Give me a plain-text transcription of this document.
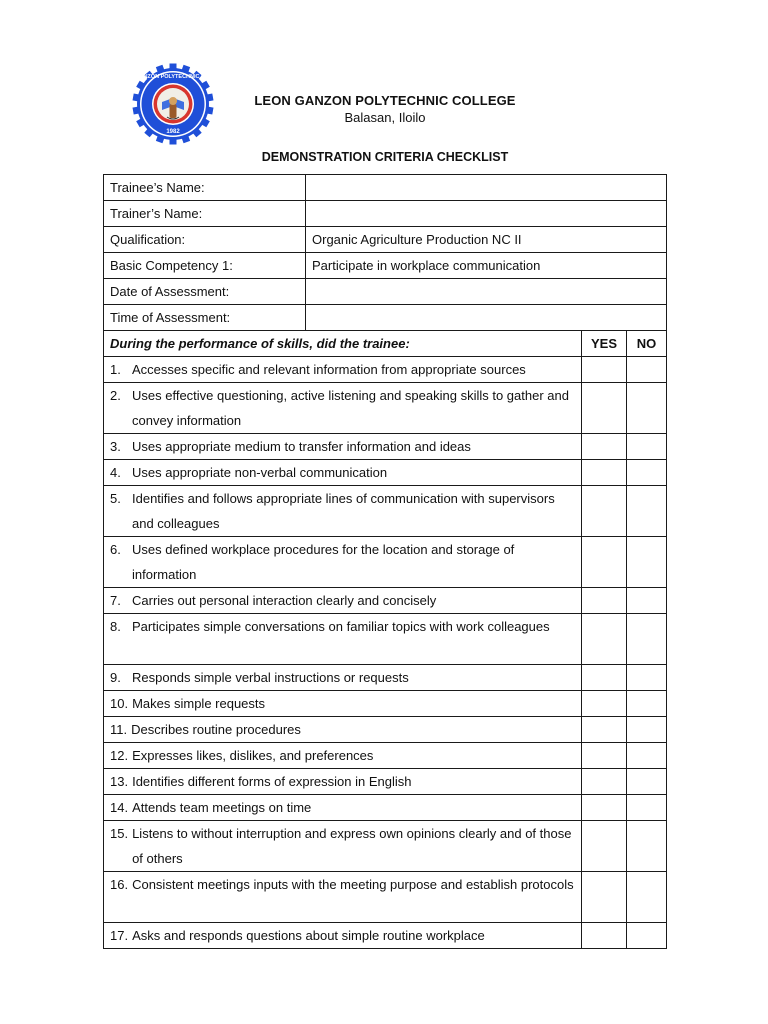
LEON GANZON POLYTECHNIC COLLEGE
1982
LEON GANZON POLYTECHNIC COLLEGE
Balasan, Iloilo
DEMONSTRATION CRITERIA CHECKLIST
Trainee’s Name:			
Trainer’s Name:			
Qualification:	Organic Agriculture Production NC II		
Basic Competency 1:	Participate in workplace communication		
Date of Assessment:			
Time of Assessment:			
During the performance of skills, did the trainee:		YES	NO

1. Accesses specific and relevant information from appropriate sources			

2. Uses effective questioning, active listening and speaking skills to gather and convey information			

3. Uses appropriate medium to transfer information and ideas			

4. Uses appropriate non-verbal communication			

5. Identifies and follows appropriate lines of communication with supervisors and colleagues			

6. Uses defined workplace procedures for the location and storage of information			

7. Carries out personal interaction clearly and concisely			

8. Participates simple conversations on familiar topics with work colleagues			

9. Responds simple verbal instructions or requests			

10. Makes simple requests			

11. Describes routine procedures			

12. Expresses likes, dislikes, and preferences			

13. Identifies different forms of expression in English			

14. Attends team meetings on time			

15. Listens to without interruption and express own opinions clearly and of those of others			

16. Consistent meetings inputs with the meeting purpose and establish protocols			

17. Asks and responds questions about simple routine workplace			
